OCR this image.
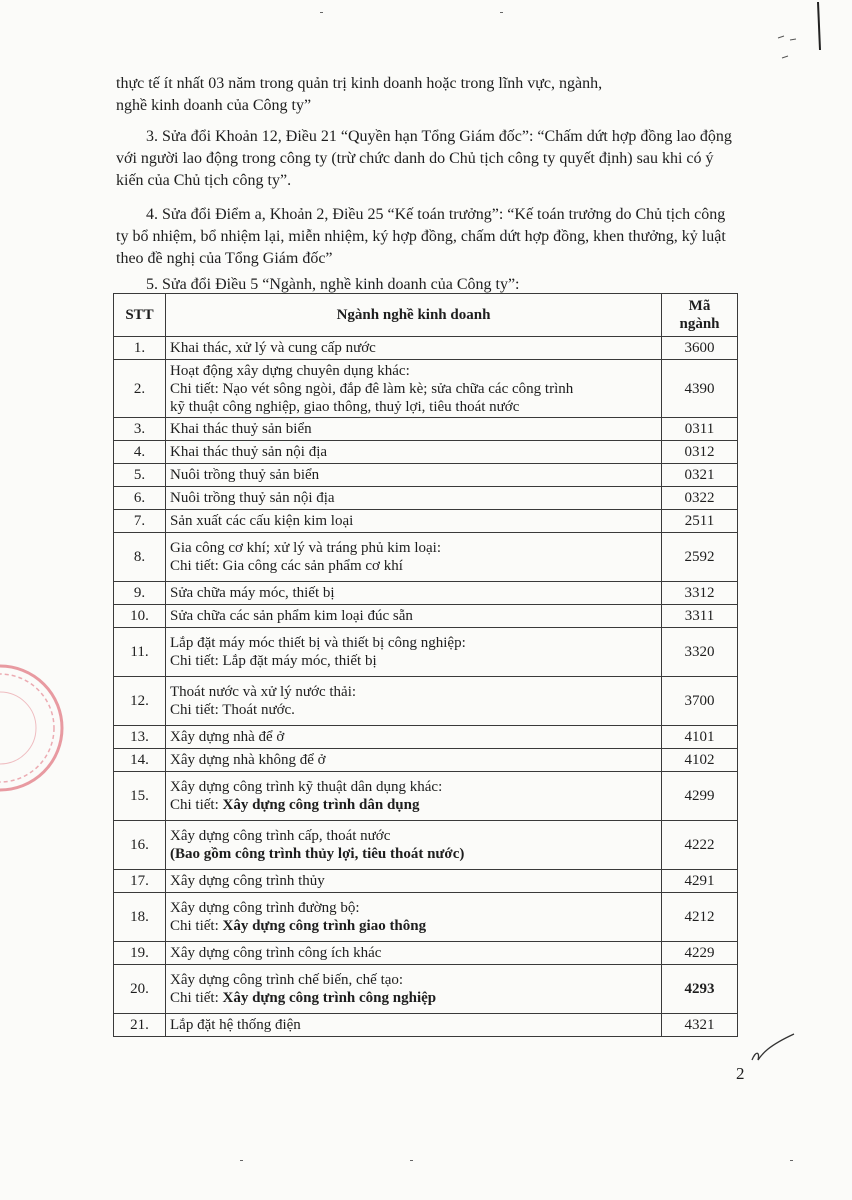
thực tế ít nhất 03 năm trong quản trị kinh doanh hoặc trong lĩnh vực, ngành,
nghề kinh doanh của Công ty”
3. Sửa đổi Khoản 12, Điều 21 “Quyền hạn Tổng Giám đốc”: “Chấm dứt hợp đồng lao động với người lao động trong công ty (trừ chức danh do Chủ tịch công ty quyết định) sau khi có ý kiến của Chủ tịch công ty”.
4. Sửa đổi Điểm a, Khoản 2, Điều 25 “Kế toán trưởng”: “Kế toán trưởng do Chủ tịch công ty bổ nhiệm, bổ nhiệm lại, miễn nhiệm, ký hợp đồng, chấm dứt hợp đồng, khen thưởng, kỷ luật theo đề nghị của Tổng Giám đốc”
5. Sửa đổi Điều 5 “Ngành, nghề kinh doanh của Công ty”:
STT	Ngành nghề kinh doanh	Mã
ngành

1.	Khai thác, xử lý và cung cấp nước	3600
2.	Hoạt động xây dựng chuyên dụng khác:
Chi tiết: Nạo vét sông ngòi, đắp đê làm kè; sửa chữa các công trình
kỹ thuật công nghiệp, giao thông, thuỷ lợi, tiêu thoát nước	4390
3.	Khai thác thuỷ sản biển	0311
4.	Khai thác thuỷ sản nội địa	0312
5.	Nuôi trồng thuỷ sản biển	0321
6.	Nuôi trồng thuỷ sản nội địa	0322
7.	Sản xuất các cấu kiện kim loại	2511
8.	Gia công cơ khí; xử lý và tráng phủ kim loại:
Chi tiết: Gia công các sản phẩm cơ khí	2592
9.	Sửa chữa máy móc, thiết bị	3312
10.	Sửa chữa các sản phẩm kim loại đúc sẵn	3311
11.	Lắp đặt máy móc thiết bị và thiết bị công nghiệp:
Chi tiết: Lắp đặt máy móc, thiết bị	3320
12.	Thoát nước và xử lý nước thải:
Chi tiết: Thoát nước.	3700
13.	Xây dựng nhà để ở	4101
14.	Xây dựng nhà không để ở	4102
15.	Xây dựng công trình kỹ thuật dân dụng khác:
Chi tiết: Xây dựng công trình dân dụng	4299
16.	Xây dựng công trình cấp, thoát nước
(Bao gồm công trình thủy lợi, tiêu thoát nước)	4222
17.	Xây dựng công trình thủy	4291
18.	Xây dựng công trình đường bộ:
Chi tiết: Xây dựng công trình giao thông	4212
19.	Xây dựng công trình công ích khác	4229
20.	Xây dựng công trình chế biến, chế tạo:
Chi tiết: Xây dựng công trình công nghiệp	4293
21.	Lắp đặt hệ thống điện	4321
2
